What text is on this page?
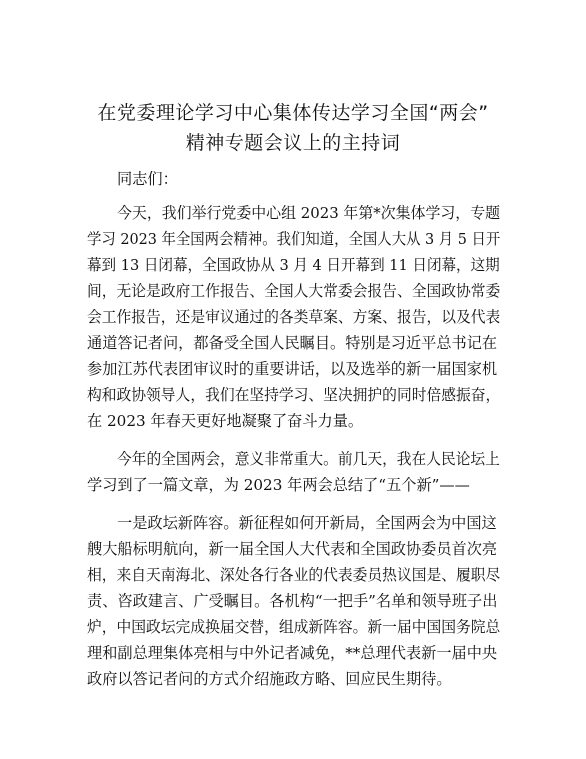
在党委理论学习中心集体传达学习全国“两会”
精神专题会议上的主持词
同志们：
今天，我们举行党委中心组 2023 年第*次集体学习，专题
学习 2023 年全国两会精神。我们知道，全国人大从 3 月 5 日开
幕到 13 日闭幕，全国政协从 3 月 4 日开幕到 11 日闭幕，这期
间，无论是政府工作报告、全国人大常委会报告、全国政协常委
会工作报告，还是审议通过的各类草案、方案、报告，以及代表
通道答记者问，都备受全国人民瞩目。特别是习近平总书记在
参加江苏代表团审议时的重要讲话，以及选举的新一届国家机
构和政协领导人，我们在坚持学习、坚决拥护的同时倍感振奋，
在 2023 年春天更好地凝聚了奋斗力量。
今年的全国两会，意义非常重大。前几天，我在人民论坛上
学习到了一篇文章，为 2023 年两会总结了“五个新”——
一是政坛新阵容。新征程如何开新局，全国两会为中国这
艘大船标明航向，新一届全国人大代表和全国政协委员首次亮
相，来自天南海北、深处各行各业的代表委员热议国是、履职尽
责、咨政建言、广受瞩目。各机构“一把手”名单和领导班子出
炉，中国政坛完成换届交替，组成新阵容。新一届中国国务院总
理和副总理集体亮相与中外记者减免，**总理代表新一届中央
政府以答记者问的方式介绍施政方略、回应民生期待。
